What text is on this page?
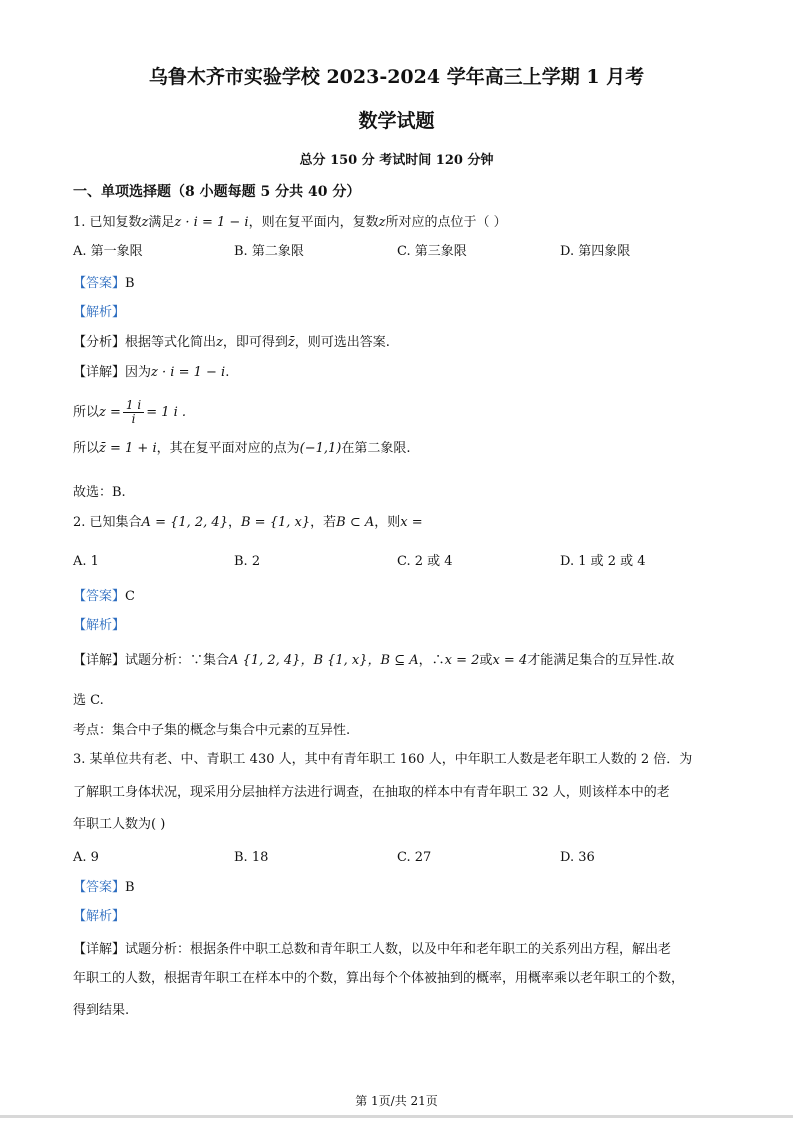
乌鲁木齐市实验学校 2023-2024 学年高三上学期 1 月考
数学试题
总分 150 分 考试时间 120 分钟
一、单项选择题（8 小题每题 5 分共 40 分）
1. 已知复数z满足z · i = 1 − i，则在复平面内，复数z所对应的点位于（ ）
A. 第一象限	B. 第二象限	C. 第三象限	D. 第四象限
【答案】B
【解析】
【分析】根据等式化简出z，即可得到z̄，则可选出答案.
【详解】因为z · i = 1 − i.
所以$z = \frac{1 i}{i} = 1$ i .
所以z̄ = 1 + i，其在复平面对应的点为(−1,1)在第二象限.
故选：B.
2. 已知集合A = {1, 2, 4}，B = {1, x}，若B ⊂ A，则x =
A. 1	B. 2	C. 2 或 4	D. 1 或 2 或 4
【答案】C
【解析】
【详解】试题分析：∵集合A {1, 2, 4}，B {1, x}，B ⊆ A，∴x = 2或x = 4才能满足集合的互异性.故
选 C.
考点：集合中子集的概念与集合中元素的互异性.
3. 某单位共有老、中、青职工 430 人，其中有青年职工 160 人，中年职工人数是老年职工人数的 2 倍．为
了解职工身体状况，现采用分层抽样方法进行调查，在抽取的样本中有青年职工 32 人，则该样本中的老
年职工人数为( )
A. 9	B. 18	C. 27	D. 36
【答案】B
【解析】
【详解】试题分析：根据条件中职工总数和青年职工人数，以及中年和老年职工的关系列出方程，解出老
年职工的人数，根据青年职工在样本中的个数，算出每个个体被抽到的概率，用概率乘以老年职工的个数，
得到结果.
第 1页/共 21页
